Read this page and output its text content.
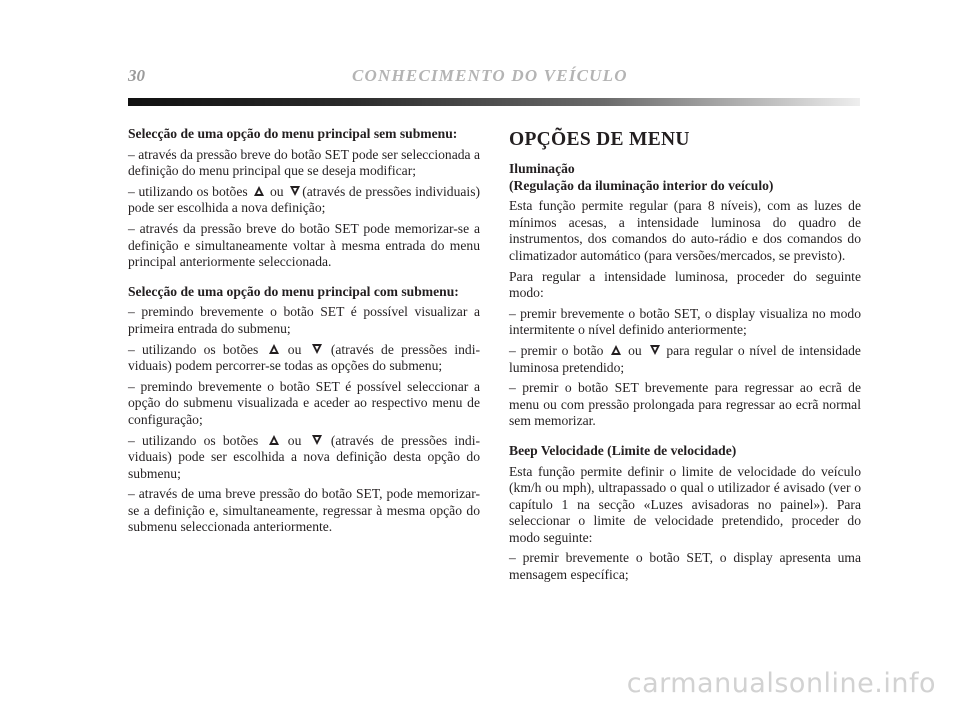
30	CONHECIMENTO DO VEÍCULO
Selecção de uma opção do menu principal sem submenu:

– através da pressão breve do botão SET pode ser seleccionada a definição do menu principal que se deseja modificar;

– utilizando os botões ou (através de pressões individuais) pode ser escolhida a nova definição;

– através da pressão breve do botão SET pode memorizar-se a definição e simultaneamente voltar à mesma entrada do menu principal anteriormente seleccionada.

Selecção de uma opção do menu principal com submenu:

– premindo brevemente o botão SET é possível visualizar a primeira entrada do submenu;

– utilizando os botões ou (através de pressões individuais) podem percorrer-se todas as opções do submenu;

– premindo brevemente o botão SET é possível seleccionar a opção do submenu visualizada e aceder ao respectivo menu de configuração;

– utilizando os botões ou (através de pressões individuais) pode ser escolhida a nova definição desta opção do submenu;

– através de uma breve pressão do botão SET, pode memorizar-se a definição e, simultaneamente, regressar à mesma opção do submenu seleccionada anteriormente.

OPÇÕES DE MENU
Iluminação
(Regulação da iluminação interior do veículo)

Esta função permite regular (para 8 níveis), com as luzes de mínimos acesas, a intensidade luminosa do quadro de instrumentos, dos comandos do auto-rádio e dos comandos do climatizador automático (para versões/mercados, se previsto).

Para regular a intensidade luminosa, proceder do seguinte modo:

– premir brevemente o botão SET, o display visualiza no modo intermitente o nível definido anteriormente;

– premir o botão ou para regular o nível de intensidade luminosa pretendido;

– premir o botão SET brevemente para regressar ao ecrã de menu ou com pressão prolongada para regressar ao ecrã normal sem memorizar.

Beep Velocidade (Limite de velocidade)

Esta função permite definir o limite de velocidade do veículo (km/h ou mph), ultrapassado o qual o utilizador é avisado (ver o capítulo 1 na secção «Luzes avisadoras no painel»). Para seleccionar o limite de velocidade pretendido, proceder do modo seguinte:

– premir brevemente o botão SET, o display apresenta uma mensagem específica;

carmanualsonline.info
